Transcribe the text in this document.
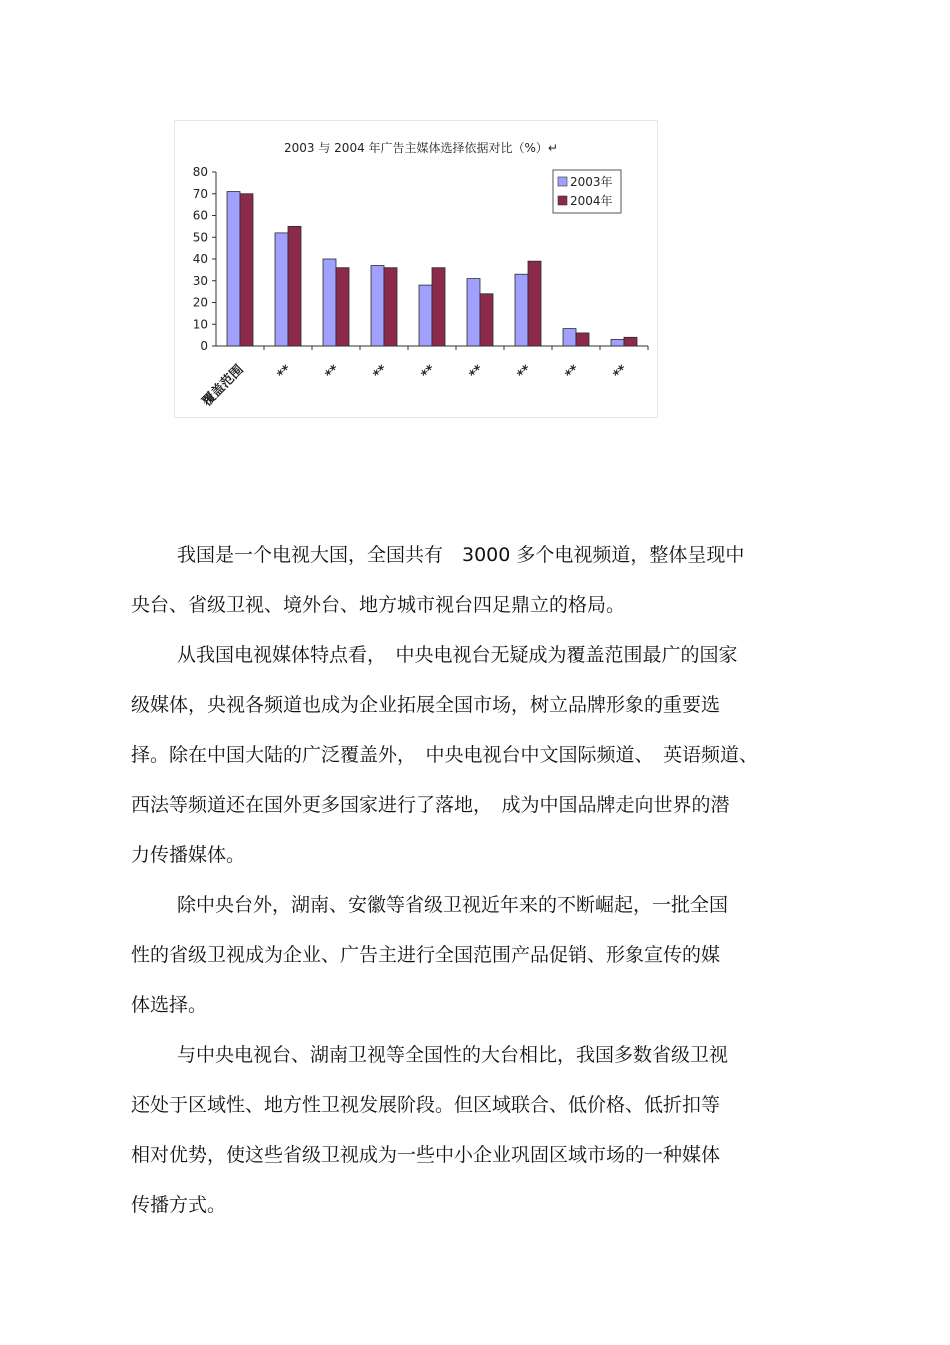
2003 与 2004 年广告主媒体选择依据对比（%）↵
0
10
20
30
40
50
60
70
80
覆盖范围 ** ** ** ** ** ** ** **
2003年
2004年
我国是一个电视大国，全国共有　3000 多个电视频道，整体呈现中
央台、省级卫视、境外台、地方城市视台四足鼎立的格局。
从我国电视媒体特点看，　中央电视台无疑成为覆盖范围最广的国家
级媒体，央视各频道也成为企业拓展全国市场，树立品牌形象的重要选
择。除在中国大陆的广泛覆盖外，　中央电视台中文国际频道、　英语频道、
西法等频道还在国外更多国家进行了落地，　成为中国品牌走向世界的潜
力传播媒体。
除中央台外，湖南、安徽等省级卫视近年来的不断崛起，一批全国
性的省级卫视成为企业、广告主进行全国范围产品促销、形象宣传的媒
体选择。
与中央电视台、湖南卫视等全国性的大台相比，我国多数省级卫视
还处于区域性、地方性卫视发展阶段。但区域联合、低价格、低折扣等
相对优势，使这些省级卫视成为一些中小企业巩固区域市场的一种媒体
传播方式。
